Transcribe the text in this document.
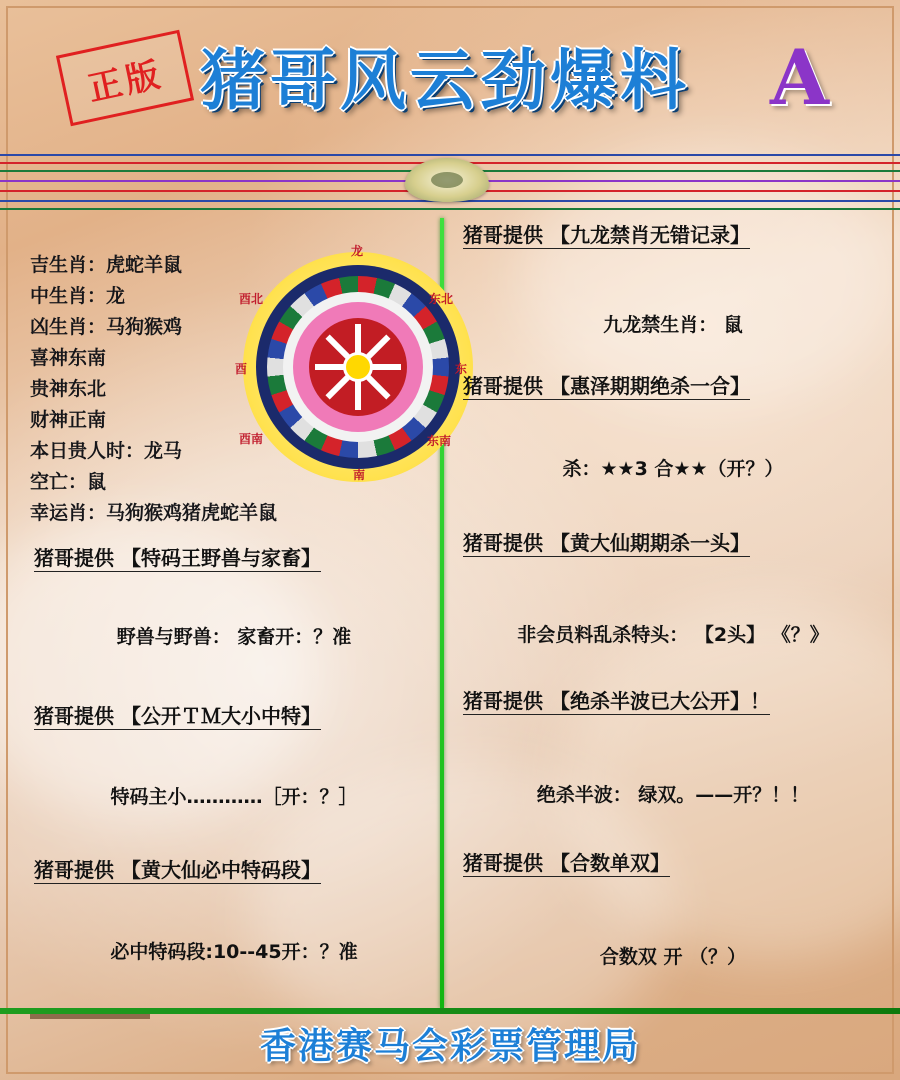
正版 猪哥风云劲爆料 A
吉生肖：虎蛇羊鼠
中生肖：龙
凶生肖：马狗猴鸡
喜神东南
贵神东北
财神正南
本日贵人时：龙马
空亡：鼠
幸运肖：马狗猴鸡猪虎蛇羊鼠
龙
酉北	东北
酉	东
酉南	东南
南
猪哥提供 【特码王野兽与家畜】
野兽与野兽： 家畜开：？准
猪哥提供 【公开ＴＭ大小中特】
特码主小…………［开：？］
猪哥提供 【黄大仙必中特码段】
必中特码段:10--45开：？准
猪哥提供 【九龙禁肖无错记录】
九龙禁生肖： 鼠
猪哥提供 【惠泽期期绝杀一合】
杀：★★3 合★★（开？）
猪哥提供 【黄大仙期期杀一头】
非会员料乱杀特头： 【2头】 《？》
猪哥提供 【绝杀半波已大公开】！
绝杀半波： 绿双。——开？！！
猪哥提供 【合数单双】
合数双 开 （？）
香港赛马会彩票管理局
